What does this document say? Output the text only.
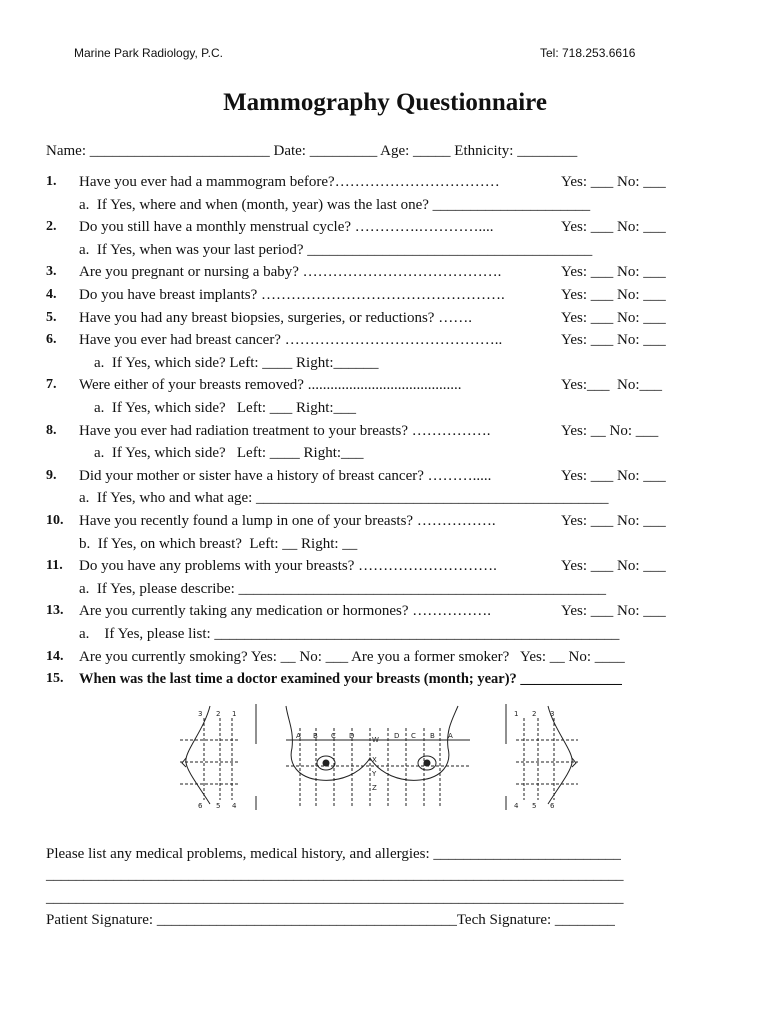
Marine Park Radiology, P.C.	Tel: 718.253.6616
Mammography Questionnaire
Name: ________________________ Date: _________ Age: _____ Ethnicity: ________
1. Have you ever had a mammogram before?……………………………	Yes: ___ No: ___
a.  If Yes, where and when (month, year) was the last one? _____________________
2. Do you still have a monthly menstrual cycle? ………….…………....	Yes: ___ No: ___
a.  If Yes, when was your last period? ______________________________________
3. Are you pregnant or nursing a baby? ………………………………….	Yes: ___ No: ___
4. Do you have breast implants? ………………………………………….	Yes: ___ No: ___
5. Have you had any breast biopsies, surgeries, or reductions? …….	Yes: ___ No: ___
6. Have you ever had breast cancer? ……………………………………..	Yes: ___ No: ___
a.  If Yes, which side? Left: ____ Right:______
7. Were either of your breasts removed? .........................................	Yes:___  No:___
a.  If Yes, which side?   Left: ___ Right:___
8. Have you ever had radiation treatment to your breasts? …………….	Yes: __ No: ___
a.  If Yes, which side?   Left: ____ Right:___
9. Did your mother or sister have a history of breast cancer? ……….....	Yes: ___ No: ___
a.  If Yes, who and what age: _______________________________________________
10. Have you recently found a lump in one of your breasts? …………….	Yes: ___ No: ___
b.  If Yes, on which breast?  Left: __ Right: __
11. Do you have any problems with your breasts? ……………………….	Yes: ___ No: ___
a.  If Yes, please describe: _________________________________________________
13. Are you currently taking any medication or hormones? …………….	Yes: ___ No: ___
a.    If Yes, please list: ______________________________________________________
14. Are you currently smoking? Yes: __ No: ___ Are you a former smoker?   Yes: __ No: ____
15. When was the last time a doctor examined your breasts (month; year)? ______________
3 2 1
6 5 4
A B C D	D C B A
W
X
Y
Z
1 2 3
4 5 6
Please list any medical problems, medical history, and allergies: _________________________
_____________________________________________________________________________
_____________________________________________________________________________
Patient Signature: ________________________________________Tech Signature: ________
